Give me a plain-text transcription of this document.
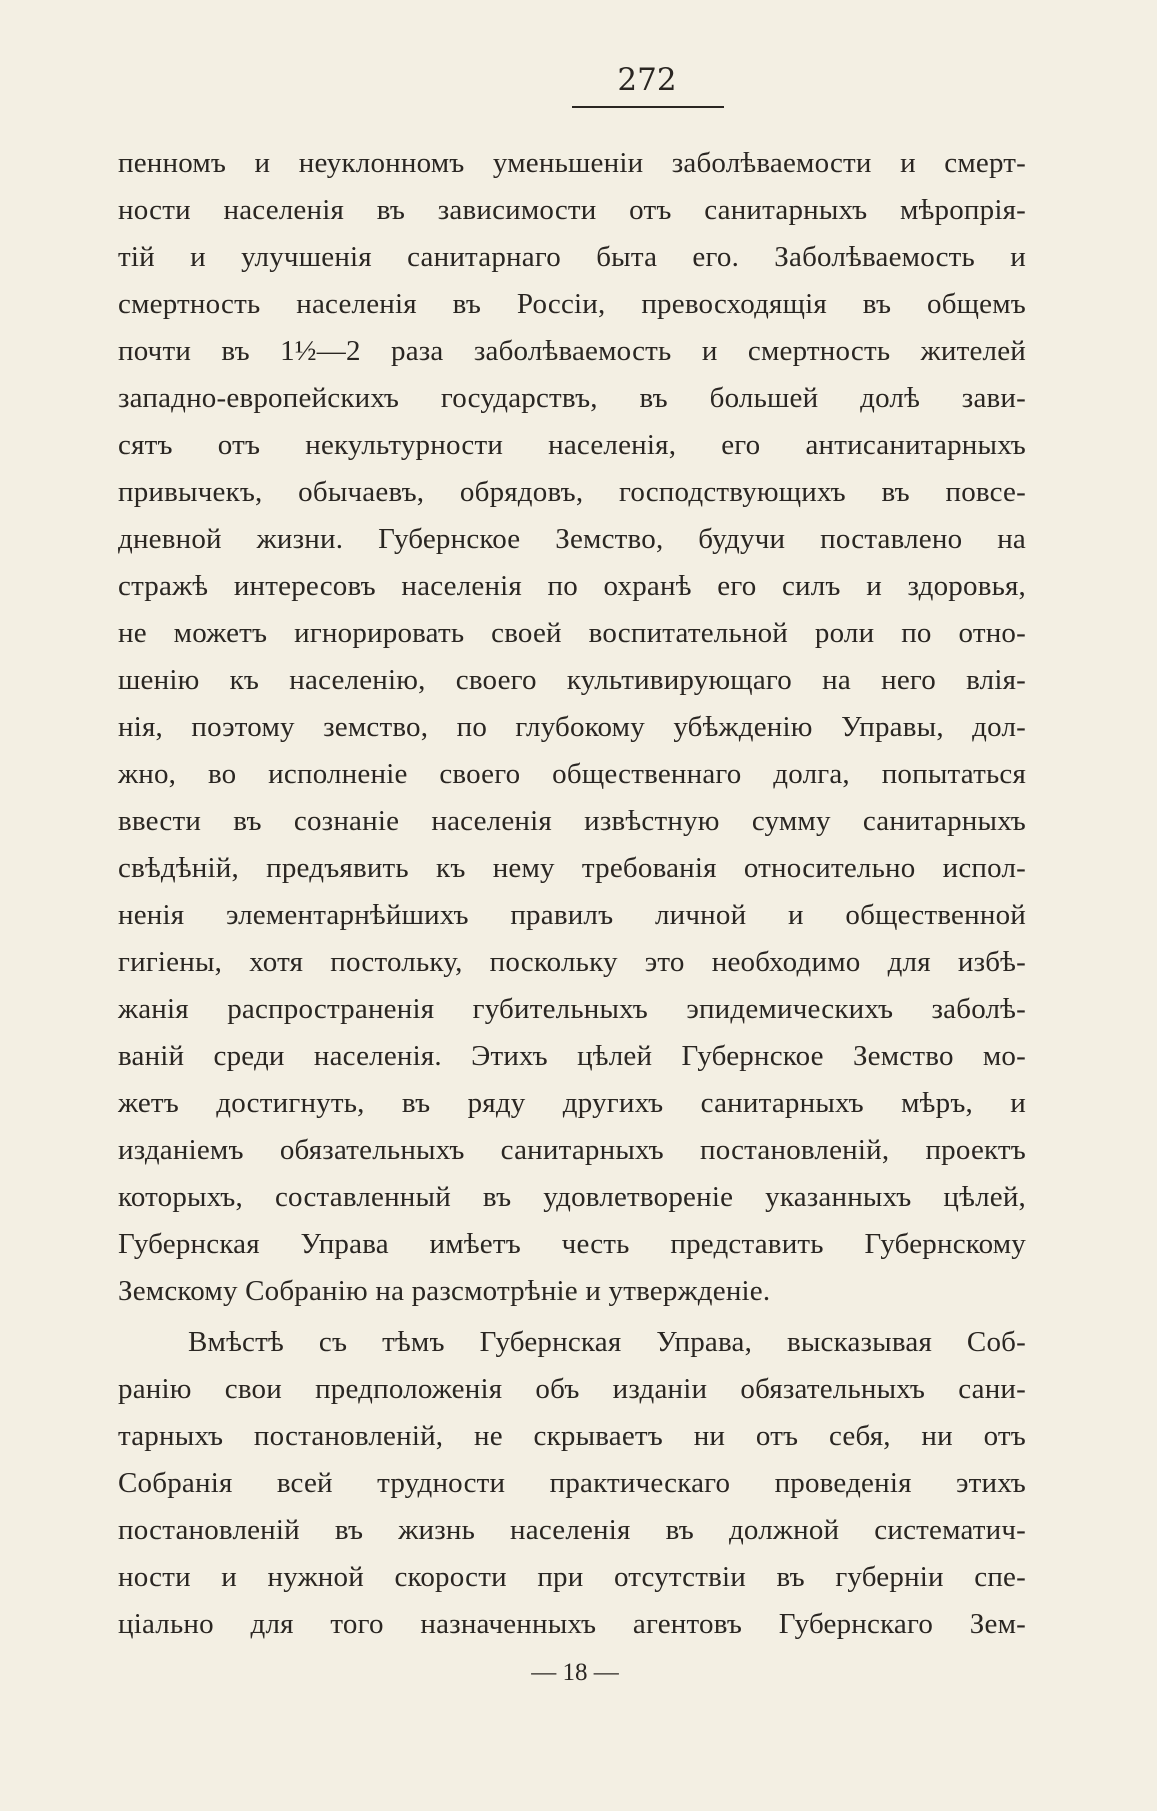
272
пенномъ и неуклонномъ уменьшенiи заболѣваемости и смерт-
ности населенiя въ зависимости отъ санитарныхъ мѣропрiя-
тiй и улучшенiя санитарнаго быта его. Заболѣваемость и
смертность населенiя въ Россiи, превосходящiя въ общемъ
почти въ 1½—2 раза заболѣваемость и смертность жителей
западно-европейскихъ государствъ, въ большей долѣ зави-
сятъ отъ некультурности населенiя, его антисанитарныхъ
привычекъ, обычаевъ, обрядовъ, господствующихъ въ повсе-
дневной жизни. Губернское Земство, будучи поставлено на
стражѣ интересовъ населенiя по охранѣ его силъ и здоровья,
не можетъ игнорировать своей воспитательной роли по отно-
шенiю къ населенiю, своего культивирующаго на него влiя-
нiя, поэтому земство, по глубокому убѣжденiю Управы, дол-
жно, во исполненiе своего общественнаго долга, попытаться
ввести въ сознанiе населенiя извѣстную сумму санитарныхъ
свѣдѣнiй, предъявить къ нему требованiя относительно испол-
ненiя элементарнѣйшихъ правилъ личной и общественной
гигiены, хотя постольку, поскольку это необходимо для избѣ-
жанiя распространенiя губительныхъ эпидемическихъ заболѣ-
ванiй среди населенiя. Этихъ цѣлей Губернское Земство мо-
жетъ достигнуть, въ ряду другихъ санитарныхъ мѣръ, и
изданiемъ обязательныхъ санитарныхъ постановленiй, проектъ
которыхъ, составленный въ удовлетворенiе указанныхъ цѣлей,
Губернская Управа имѣетъ честь представить Губернскому
Земскому Собранiю на разсмотрѣнiе и утвержденiе.
Вмѣстѣ съ тѣмъ Губернская Управа, высказывая Соб-
ранiю свои предположенiя объ изданiи обязательныхъ сани-
тарныхъ постановленiй, не скрываетъ ни отъ себя, ни отъ
Собранiя всей трудности практическаго проведенiя этихъ
постановленiй въ жизнь населенiя въ должной систематич-
ности и нужной скорости при отсутствiи въ губернiи спе-
цiально для того назначенныхъ агентовъ Губернскаго Зем-
— 18 —
